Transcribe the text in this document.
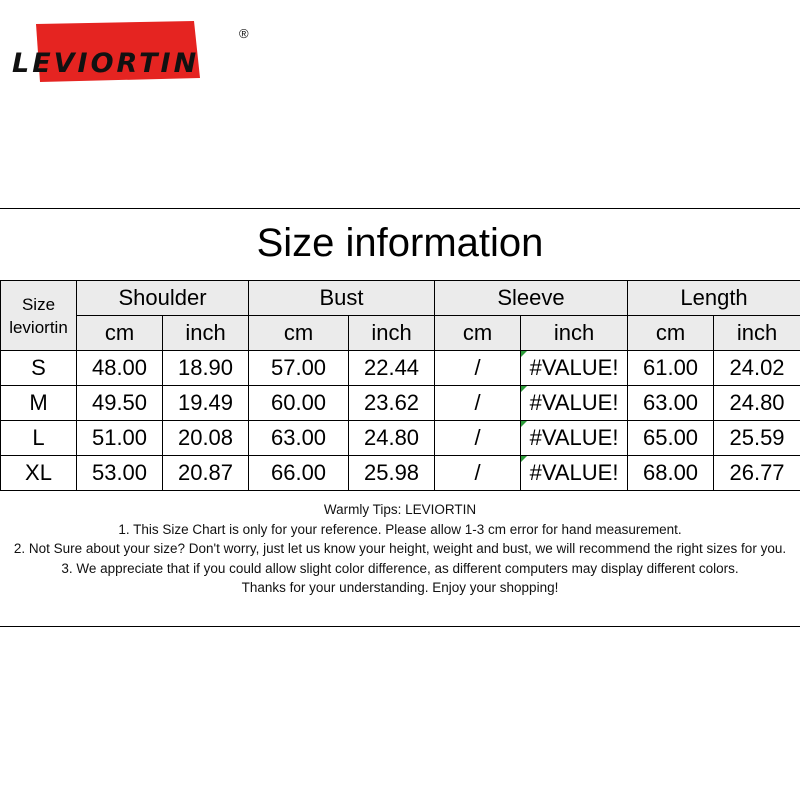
LEVIORTIN
®
Size information
Size
leviortin	Shoulder		Bust		Sleeve		Length	
	cm	inch	cm	inch	cm	inch	cm	inch
S	48.00	18.90	57.00	22.44	/	#VALUE!	61.00	24.02
M	49.50	19.49	60.00	23.62	/	#VALUE!	63.00	24.80
L	51.00	20.08	63.00	24.80	/	#VALUE!	65.00	25.59
XL	53.00	20.87	66.00	25.98	/	#VALUE!	68.00	26.77
Warmly Tips: LEVIORTIN
1. This Size Chart is only for your reference. Please allow 1-3 cm error for hand measurement.
2. Not Sure about your size? Don't worry, just let us know your height, weight and bust, we will recommend the right sizes for you.
3. We appreciate that if you could allow slight color difference, as different computers may display different colors.
Thanks for your understanding. Enjoy your shopping!
